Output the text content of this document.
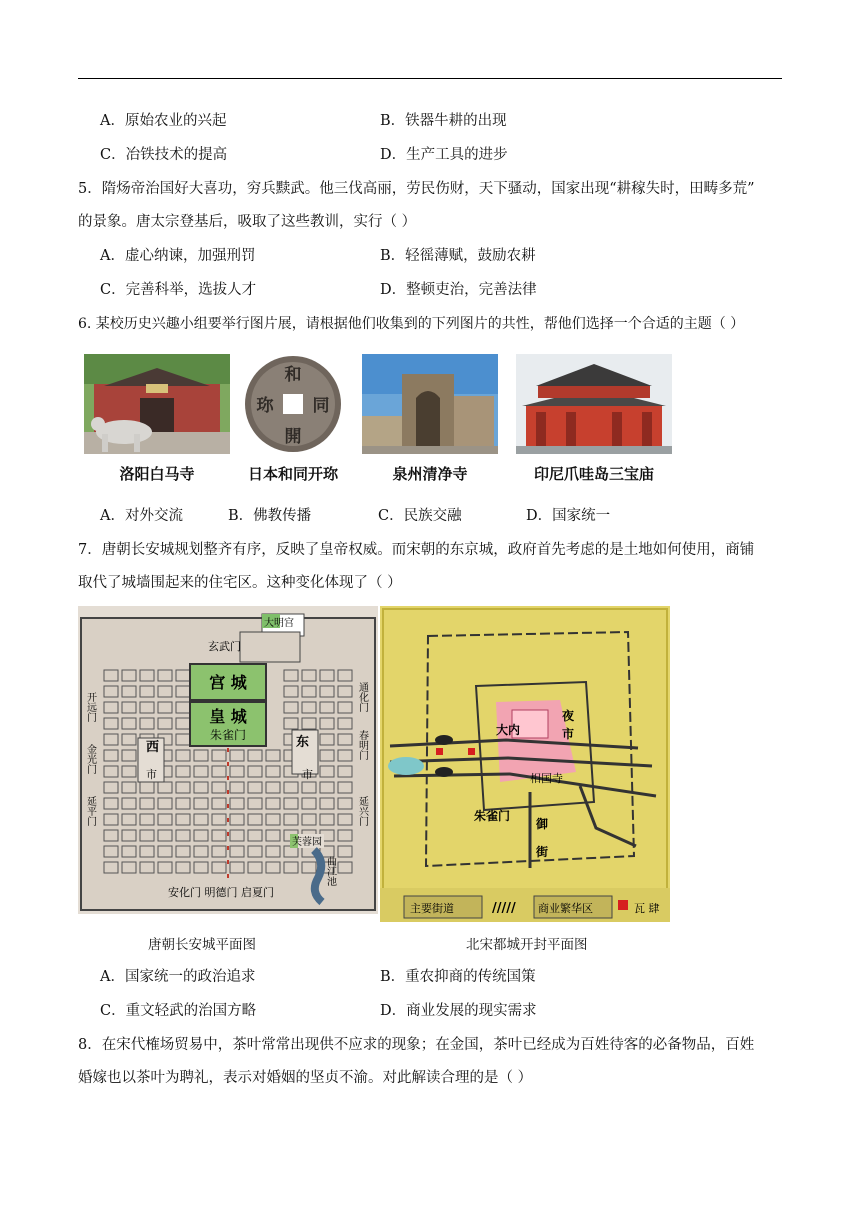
A．原始农业的兴起	B．铁器牛耕的出现
C．冶铁技术的提高	D．生产工具的进步
5．隋炀帝治国好大喜功，穷兵黩武。他三伐高丽，劳民伤财，天下骚动，国家出现“耕稼失时，田畴多荒”
的景象。唐太宗登基后，吸取了这些教训，实行（ ）
A．虚心纳谏，加强刑罚	B．轻徭薄赋，鼓励农耕
C．完善科举，选拔人才	D．整顿吏治，完善法律
6. 某校历史兴趣小组要举行图片展，请根据他们收集到的下列图片的共性，帮他们选择一个合适的主题（ ）
和
同
開
珎
洛阳白马寺	日本和同开珎	泉州清净寺	印尼爪哇岛三宝庙
A．对外交流	B．佛教传播	C．民族交融	D．国家统一
7．唐朝长安城规划整齐有序，反映了皇帝权威。而宋朝的东京城，政府首先考虑的是土地如何使用，商铺
取代了城墙围起来的住宅区。这种变化体现了（ ）
大明宫
玄武门
宫 城
皇 城
朱雀门
西
市
东
市
开远门
金光门
延平门
通化门
春明门
延兴门
芙蓉园
曲江池
安化门 明德门 启夏门
大内
夜
市
相国寺
朱雀门
御
街
主要街道	///// 商业繁华区	瓦 肆
唐朝长安城平面图	北宋都城开封平面图
A．国家统一的政治追求	B．重农抑商的传统国策
C．重文轻武的治国方略	D．商业发展的现实需求
8．在宋代榷场贸易中，茶叶常常出现供不应求的现象；在金国，茶叶已经成为百姓待客的必备物品，百姓
婚嫁也以茶叶为聘礼，表示对婚姻的坚贞不渝。对此解读合理的是（ ）
